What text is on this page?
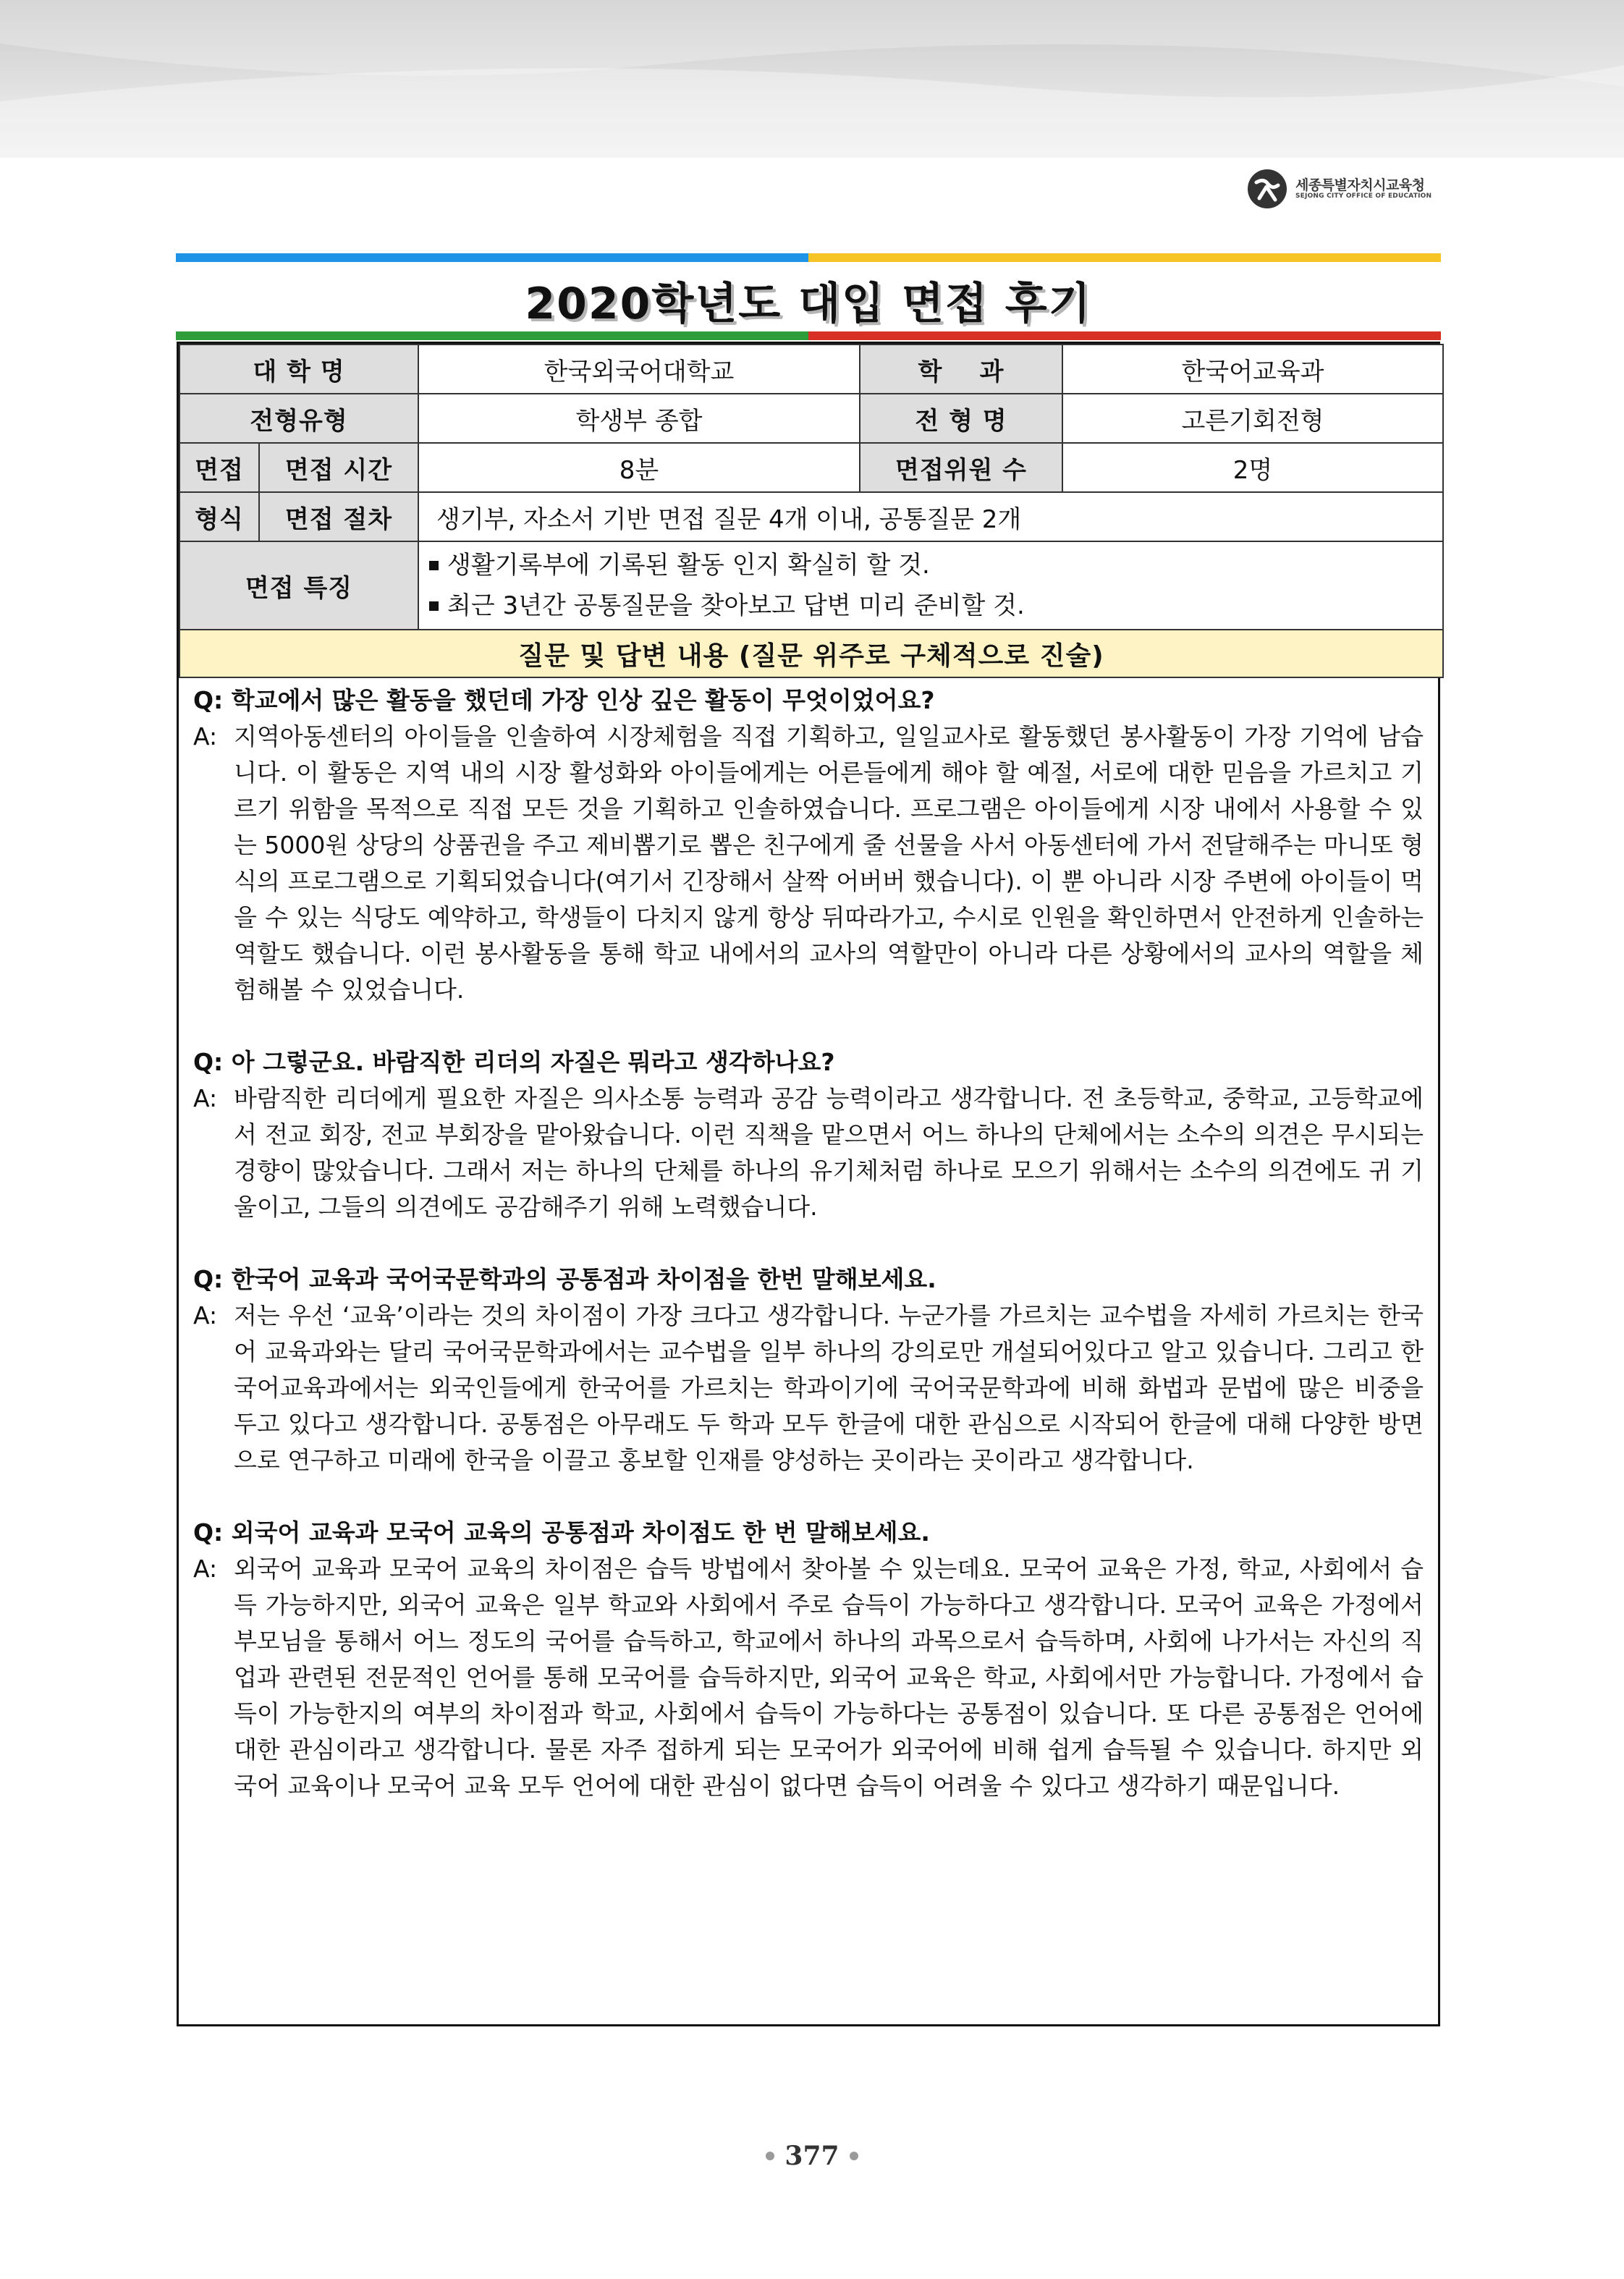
세종특별자치시교육청
SEJONG CITY OFFICE OF EDUCATION
2020학년도 대입 면접 후기
대 학 명		한국외국어대학교	학    과	한국어교육과
전형유형		학생부 종합	전 형 명	고른기회전형
면접	면접 시간	8분	면접위원 수	2명
형식	면접 절차	생기부, 자소서 기반 면접 질문 4개 이내, 공통질문 2개		
면접 특징		생활기록부에 기록된 활동 인지 확실히 할 것.
최근 3년간 공통질문을 찾아보고 답변 미리 준비할 것.		

질문 및 답변 내용 (질문 위주로 구체적으로 진술)				
Q: 학교에서 많은 활동을 했던데 가장 인상 깊은 활동이 무엇이었어요?
A: 지역아동센터의 아이들을 인솔하여 시장체험을 직접 기획하고, 일일교사로 활동했던 봉사활동이 가장 기억에 남습니다. 이 활동은 지역 내의 시장 활성화와 아이들에게는 어른들에게 해야 할 예절, 서로에 대한 믿음을 가르치고 기르기 위함을 목적으로 직접 모든 것을 기획하고 인솔하였습니다. 프로그램은 아이들에게 시장 내에서 사용할 수 있는 5000원 상당의 상품권을 주고 제비뽑기로 뽑은 친구에게 줄 선물을 사서 아동센터에 가서 전달해주는 마니또 형식의 프로그램으로 기획되었습니다(여기서 긴장해서 살짝 어버버 했습니다). 이 뿐 아니라 시장 주변에 아이들이 먹을 수 있는 식당도 예약하고, 학생들이 다치지 않게 항상 뒤따라가고, 수시로 인원을 확인하면서 안전하게 인솔하는 역할도 했습니다. 이런 봉사활동을 통해 학교 내에서의 교사의 역할만이 아니라 다른 상황에서의 교사의 역할을 체험해볼 수 있었습니다.
Q: 아 그렇군요. 바람직한 리더의 자질은 뭐라고 생각하나요?
A: 바람직한 리더에게 필요한 자질은 의사소통 능력과 공감 능력이라고 생각합니다. 전 초등학교, 중학교, 고등학교에서 전교 회장, 전교 부회장을 맡아왔습니다. 이런 직책을 맡으면서 어느 하나의 단체에서는 소수의 의견은 무시되는 경향이 많았습니다. 그래서 저는 하나의 단체를 하나의 유기체처럼 하나로 모으기 위해서는 소수의 의견에도 귀 기울이고, 그들의 의견에도 공감해주기 위해 노력했습니다.
Q: 한국어 교육과 국어국문학과의 공통점과 차이점을 한번 말해보세요.
A: 저는 우선 ‘교육’이라는 것의 차이점이 가장 크다고 생각합니다. 누군가를 가르치는 교수법을 자세히 가르치는 한국어 교육과와는 달리 국어국문학과에서는 교수법을 일부 하나의 강의로만 개설되어있다고 알고 있습니다. 그리고 한국어교육과에서는 외국인들에게 한국어를 가르치는 학과이기에 국어국문학과에 비해 화법과 문법에 많은 비중을 두고 있다고 생각합니다. 공통점은 아무래도 두 학과 모두 한글에 대한 관심으로 시작되어 한글에 대해 다양한 방면으로 연구하고 미래에 한국을 이끌고 홍보할 인재를 양성하는 곳이라는 곳이라고 생각합니다.
Q: 외국어 교육과 모국어 교육의 공통점과 차이점도 한 번 말해보세요.
A: 외국어 교육과 모국어 교육의 차이점은 습득 방법에서 찾아볼 수 있는데요. 모국어 교육은 가정, 학교, 사회에서 습득 가능하지만, 외국어 교육은 일부 학교와 사회에서 주로 습득이 가능하다고 생각합니다. 모국어 교육은 가정에서 부모님을 통해서 어느 정도의 국어를 습득하고, 학교에서 하나의 과목으로서 습득하며, 사회에 나가서는 자신의 직업과 관련된 전문적인 언어를 통해 모국어를 습득하지만, 외국어 교육은 학교, 사회에서만 가능합니다. 가정에서 습득이 가능한지의 여부의 차이점과 학교, 사회에서 습득이 가능하다는 공통점이 있습니다. 또 다른 공통점은 언어에 대한 관심이라고 생각합니다. 물론 자주 접하게 되는 모국어가 외국어에 비해 쉽게 습득될 수 있습니다. 하지만 외국어 교육이나 모국어 교육 모두 언어에 대한 관심이 없다면 습득이 어려울 수 있다고 생각하기 때문입니다.
377
